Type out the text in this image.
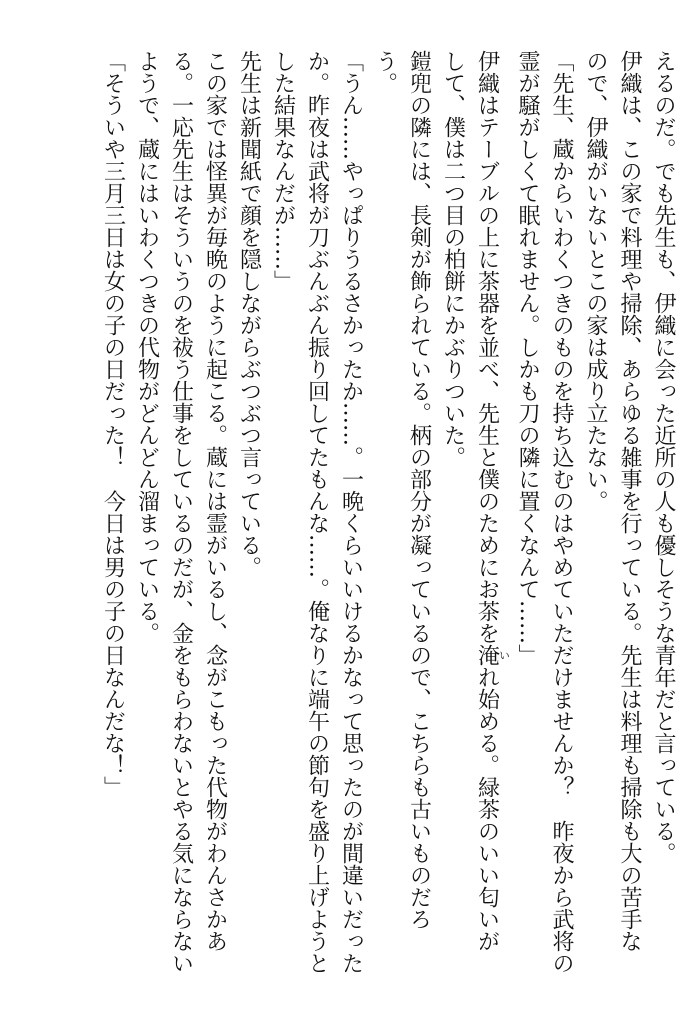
えるのだ。でも先生も、伊織に会った近所の人も優しそうな青年だと言っている。

伊織は、この家で料理や掃除、あらゆる雑事を行っている。先生は料理も掃除も大の苦手な

ので、伊織がいないとこの家は成り立たない。

「先生、蔵からいわくつきのものを持ち込むのはやめていただけませんか？　昨夜から武将の

霊が騒がしくて眠れません。しかも刀の隣に置くなんて……」

伊織はテーブルの上に茶器を並べ、先生と僕のためにお茶を淹いれ始める。緑茶のいい匂いが

して、僕は二つ目の柏餅にかぶりついた。

鎧兜の隣には、長剣が飾られている。柄の部分が凝っているので、こちらも古いものだろ

う。

「うん……やっぱりうるさかったか……。一晩くらいいけるかなって思ったのが間違いだった

か。昨夜は武将が刀ぶんぶん振り回してたもんな……。俺なりに端午の節句を盛り上げようと

した結果なんだが……」

先生は新聞紙で顔を隠しながらぶつぶつ言っている。

この家では怪異が毎晩のように起こる。蔵には霊がいるし、念がこもった代物がわんさかあ

る。一応先生はそういうのを祓う仕事をしているのだが、金をもらわないとやる気にならない

ようで、蔵にはいわくつきの代物がどんどん溜まっている。

「そういや三月三日は女の子の日だった！　今日は男の子の日なんだな！」
